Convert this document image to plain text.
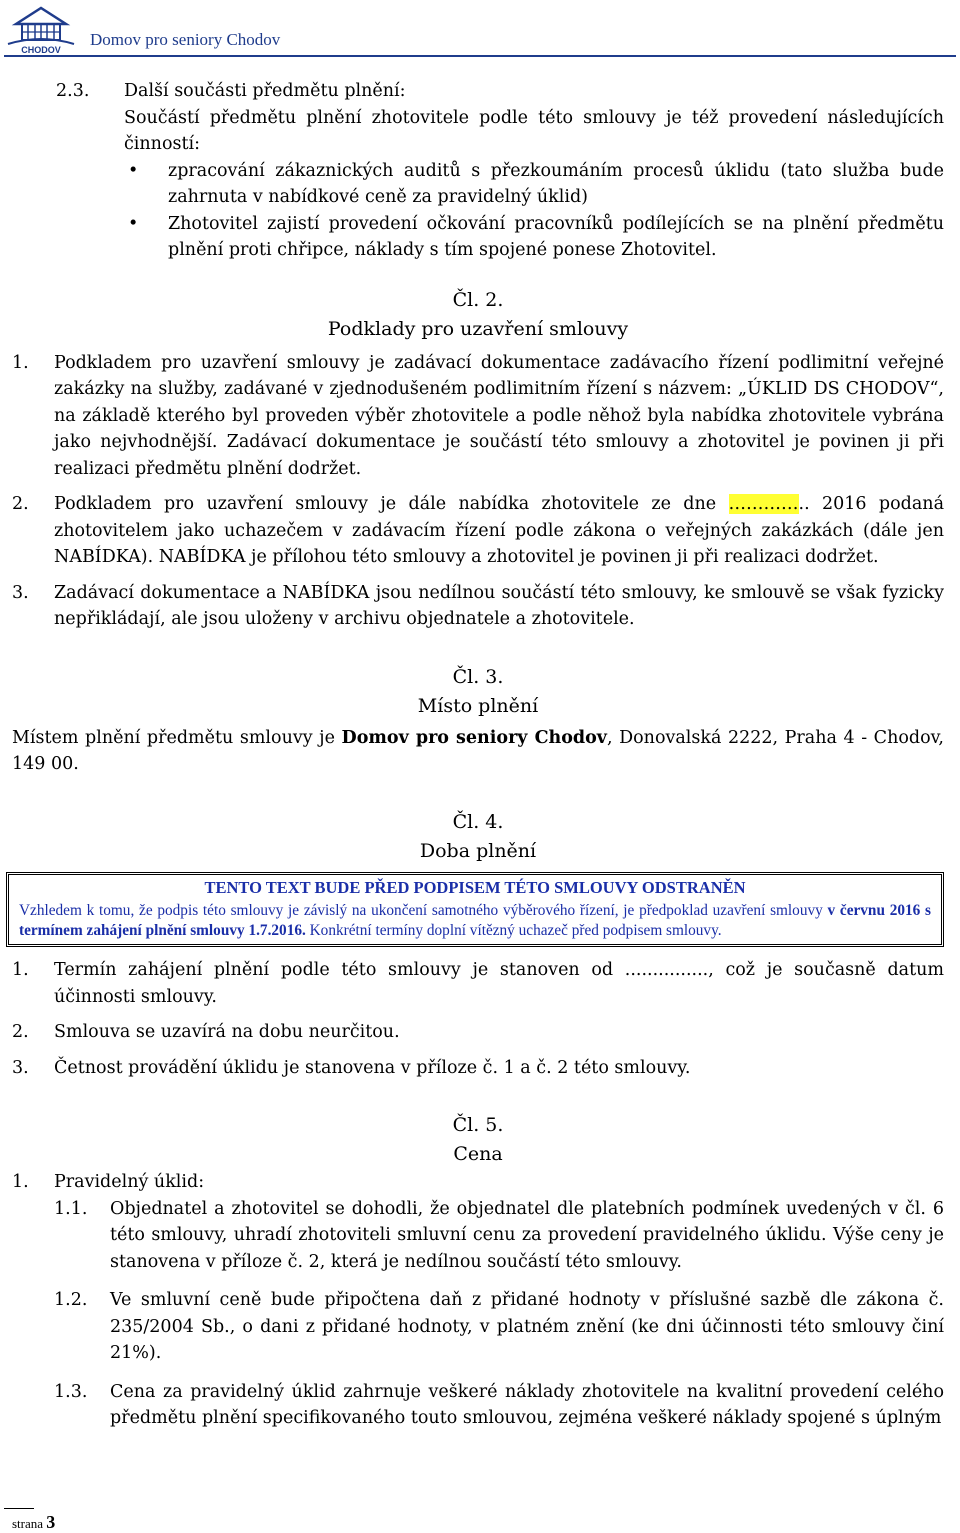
CHODOV
Domov pro seniory Chodov
2.3. Další součásti předmětu plnění:

Součástí předmětu plnění zhotovitele podle této smlouvy je též provedení následujících činností:

• zpracování zákaznických auditů s přezkoumáním procesů úklidu (tato služba bude zahrnuta v nabídkové ceně za pravidelný úklid)
• Zhotovitel zajistí provedení očkování pracovníků podílejících se na plnění předmětu plnění proti chřipce, náklady s tím spojené ponese Zhotovitel.
Čl. 2.
Podklady pro uzavření smlouvy
1. Podkladem pro uzavření smlouvy je zadávací dokumentace zadávacího řízení podlimitní veřejné zakázky na služby, zadávané v zjednodušeném podlimitním řízení s názvem: „ÚKLID DS CHODOV“, na základě kterého byl proveden výběr zhotovitele a podle něhož byla nabídka zhotovitele vybrána jako nejvhodnější. Zadávací dokumentace je součástí této smlouvy a zhotovitel je povinen ji při realizaci předmětu plnění dodržet.

2. Podkladem pro uzavření smlouvy je dále nabídka zhotovitele ze dne ………….. 2016 podaná zhotovitelem jako uchazečem v zadávacím řízení podle zákona o veřejných zakázkách (dále jen NABÍDKA). NABÍDKA je přílohou této smlouvy a zhotovitel je povinen ji při realizaci dodržet.

3. Zadávací dokumentace a NABÍDKA jsou nedílnou součástí této smlouvy, ke smlouvě se však fyzicky nepřikládají, ale jsou uloženy v archivu objednatele a zhotovitele.

Čl. 3.
Místo plnění

Místem plnění předmětu smlouvy je Domov pro seniory Chodov, Donovalská 2222, Praha 4 - Chodov, 149 00.

Čl. 4.
Doba plnění
TENTO TEXT BUDE PŘED PODPISEM TÉTO SMLOUVY ODSTRANĚN
Vzhledem k tomu, že podpis této smlouvy je závislý na ukončení samotného výběrového řízení, je předpoklad uzavření smlouvy v červnu 2016 s termínem zahájení plnění smlouvy 1.7.2016. Konkrétní termíny doplní vítězný uchazeč před podpisem smlouvy.
1. Termín zahájení plnění podle této smlouvy je stanoven od ..............., což je současně datum účinnosti smlouvy.

2. Smlouva se uzavírá na dobu neurčitou.

3. Četnost provádění úklidu je stanovena v příloze č. 1 a č. 2 této smlouvy.

Čl. 5.
Cena
1. Pravidelný úklid:

1.1. Objednatel a zhotovitel se dohodli, že objednatel dle platebních podmínek uvedených v čl. 6 této smlouvy, uhradí zhotoviteli smluvní cenu za provedení pravidelného úklidu. Výše ceny je stanovena v příloze č. 2, která je nedílnou součástí této smlouvy.

1.2. Ve smluvní ceně bude připočtena daň z přidané hodnoty v příslušné sazbě dle zákona č. 235/2004 Sb., o dani z přidané hodnoty, v platném znění (ke dni účinnosti této smlouvy činí 21%).

1.3. Cena za pravidelný úklid zahrnuje veškeré náklady zhotovitele na kvalitní provedení celého předmětu plnění specifikovaného touto smlouvou, zejména veškeré náklady spojené s úplným

strana 3
